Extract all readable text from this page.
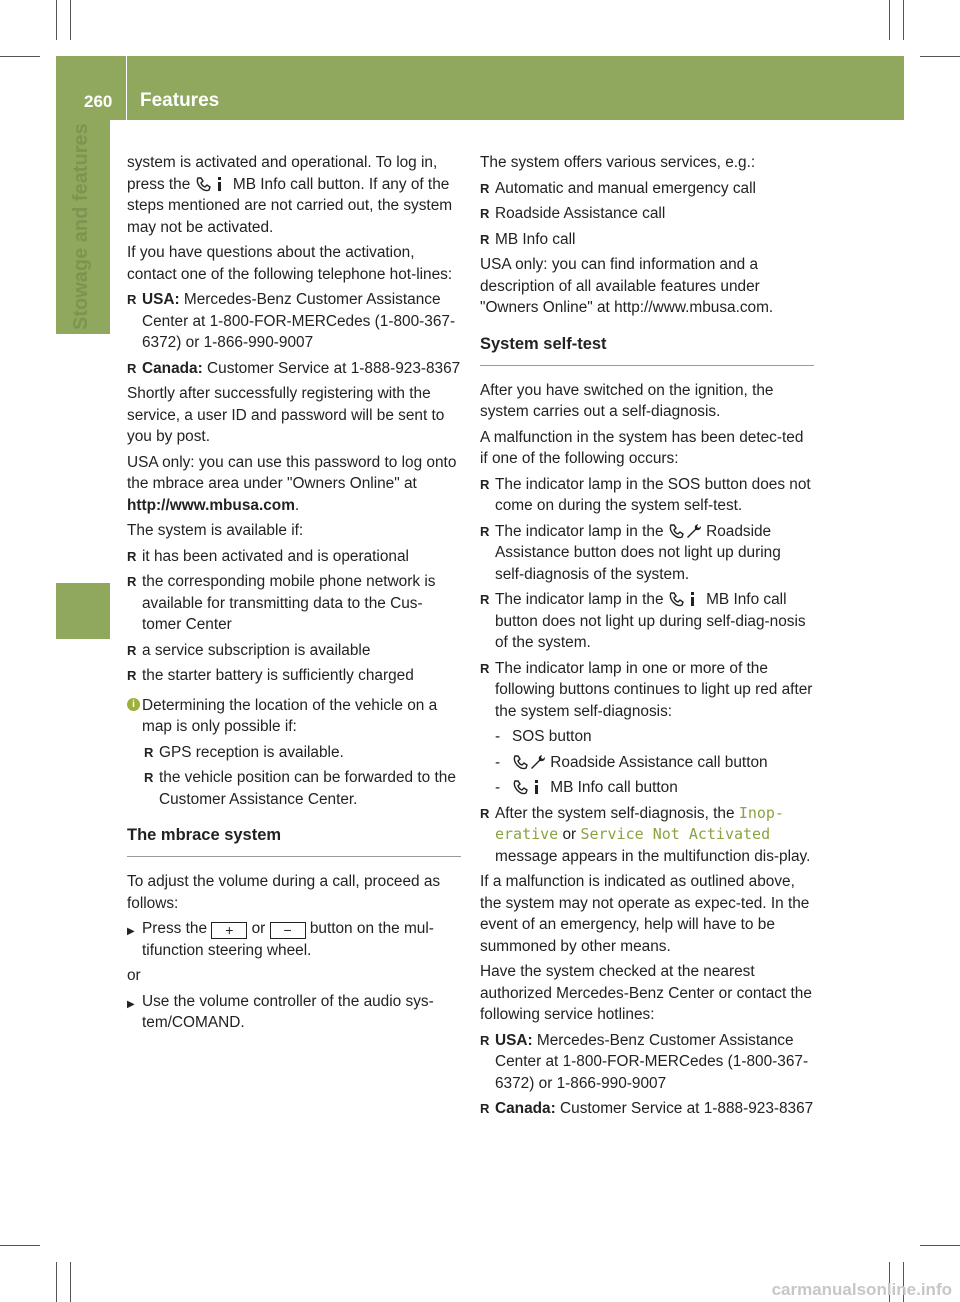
260	Features
Stowage and features system is activated and operational. To log in, press the	MB Info call button. If any of the steps mentioned are not carried out, the system may not be activated.

If you have questions about the activation, contact one of the following telephone hot-lines:

R USA: Mercedes-Benz Customer Assistance Center at 1-800-FOR-MERCedes (1-800-367-6372) or 1-866-990-9007
R Canada: Customer Service at 1-888-923-8367

Shortly after successfully registering with the service, a user ID and password will be sent to you by post.

USA only: you can use this password to log onto the mbrace area under "Owners Online" at http://www.mbusa.com.

The system is available if:

R it has been activated and is operational
R the corresponding mobile phone network is available for transmitting data to the Cus-tomer Center
R a service subscription is available
R the starter battery is sufficiently charged
i Determining the location of the vehicle on a map is only possible if:
R GPS reception is available.
R the vehicle position can be forwarded to the Customer Assistance Center.
The mbrace system

To adjust the volume during a call, proceed as follows:

▶ Press the + or − button on the mul-tifunction steering wheel.

or

▶ Use the volume controller of the audio sys-tem/COMAND.

The system offers various services, e.g.:

R Automatic and manual emergency call
R Roadside Assistance call
R MB Info call

USA only: you can find information and a description of all available features under "Owners Online" at http://www.mbusa.com.

System self-test

After you have switched on the ignition, the system carries out a self-diagnosis.

A malfunction in the system has been detec-ted if one of the following occurs:

R The indicator lamp in the SOS button does not come on during the system self-test.
R The indicator lamp in the	Roadside Assistance button does not light up during self-diagnosis of the system.
R The indicator lamp in the	MB Info call button does not light up during self-diag-nosis of the system.
R The indicator lamp in one or more of the following buttons continues to light up red after the system self-diagnosis:
- SOS button
- Roadside Assistance call button
- MB Info call button
R After the system self-diagnosis, the Inop‐ erative or Service Not Activated message appears in the multifunction dis-play.

If a malfunction is indicated as outlined above, the system may not operate as expec-ted. In the event of an emergency, help will have to be summoned by other means.

Have the system checked at the nearest authorized Mercedes-Benz Center or contact the following service hotlines:

R USA: Mercedes-Benz Customer Assistance Center at 1-800-FOR-MERCedes (1-800-367-6372) or 1-866-990-9007
R Canada: Customer Service at 1-888-923-8367
carmanualsonline.info
